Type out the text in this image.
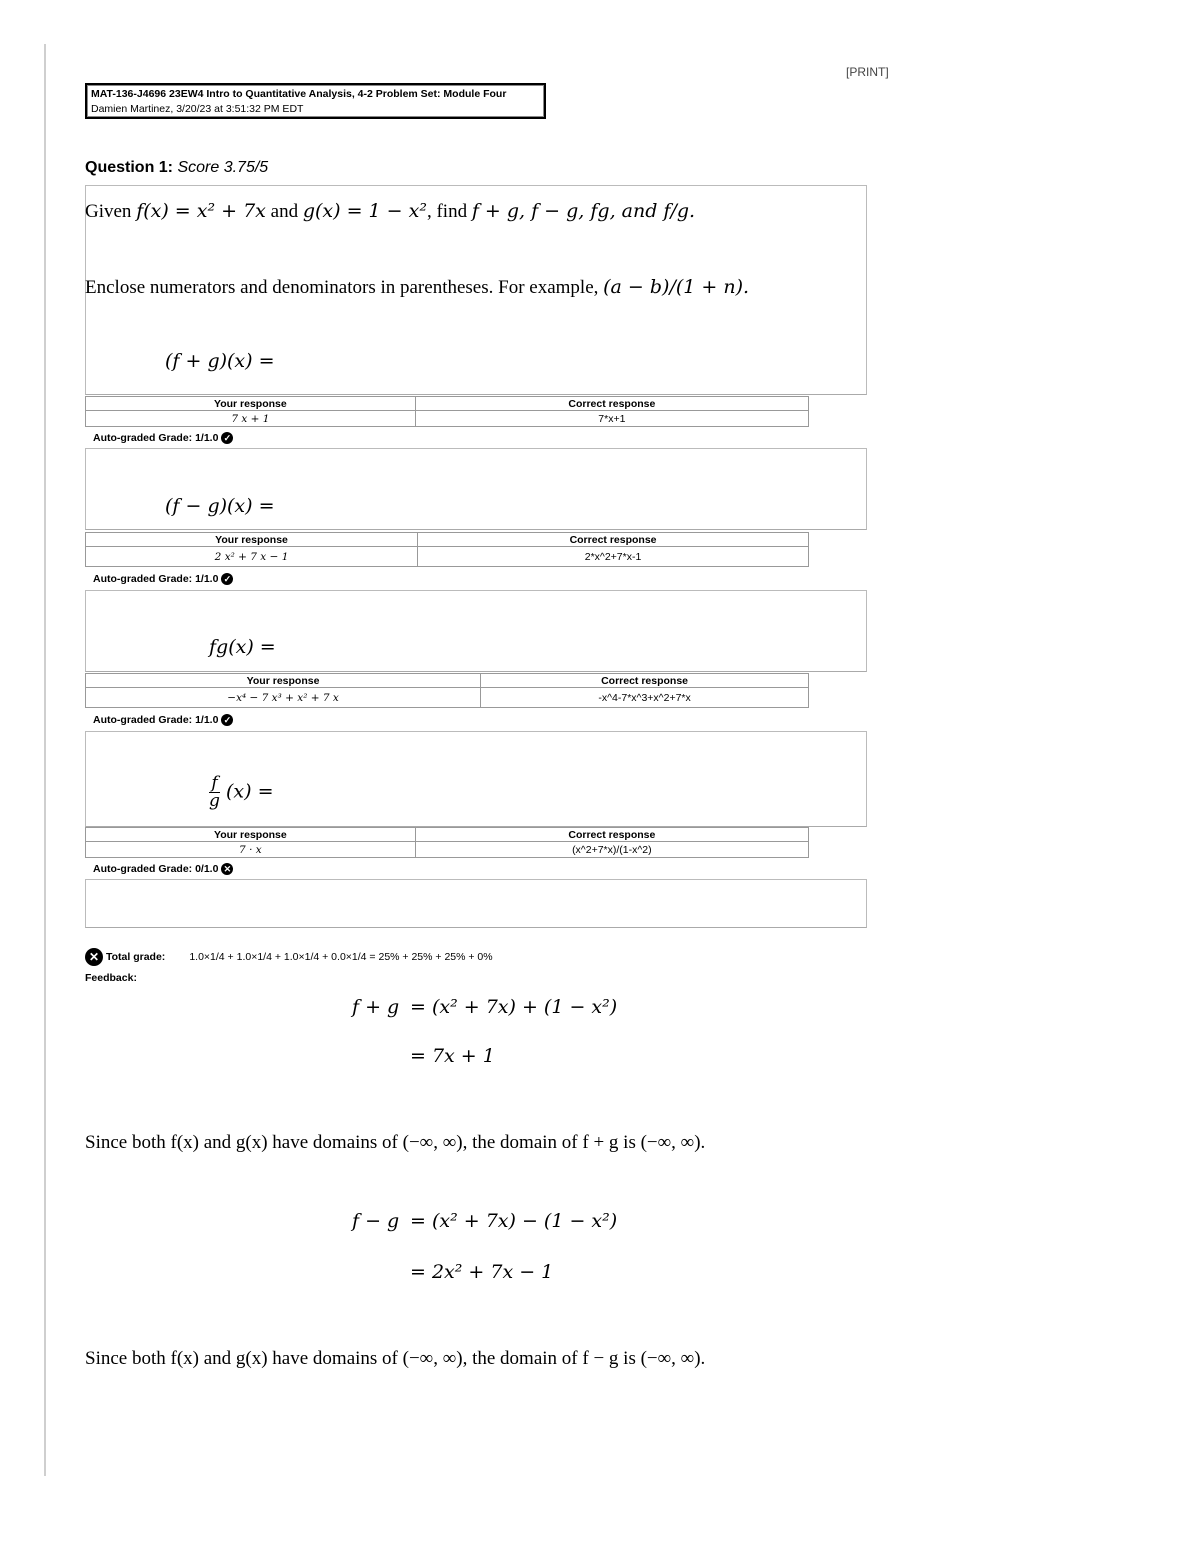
[PRINT]
MAT-136-J4696 23EW4 Intro to Quantitative Analysis, 4-2 Problem Set: Module Four
Damien Martinez, 3/20/23 at 3:51:32 PM EDT
Question 1: Score 3.75/5
Given f(x) = x² + 7x and g(x) = 1 − x², find f + g, f − g, fg, and f/g.
Enclose numerators and denominators in parentheses. For example, (a − b)/(1 + n).
(f + g)(x) =
Your response	Correct response
7 x + 1	7*x+1
Auto-graded Grade: 1/1.0 ✓
(f − g)(x) =
Your response	Correct response
2 x² + 7 x − 1	2*x^2+7*x-1
Auto-graded Grade: 1/1.0 ✓
fg(x) =
Your response	Correct response
−x⁴ − 7 x³ + x² + 7 x	-x^4-7*x^3+x^2+7*x
Auto-graded Grade: 1/1.0 ✓
$\frac{f}{g} (x)$ =
Your response	Correct response
7 · x	(x^2+7*x)/(1-x^2)
Auto-graded Grade: 0/1.0 ✕
✕ Total grade: 1.0×1/4 + 1.0×1/4 + 1.0×1/4 + 0.0×1/4 = 25% + 25% + 25% + 0%
Feedback:
f + g = (x² + 7x) + (1 − x²)
= 7x + 1
Since both f(x) and g(x) have domains of (−∞, ∞), the domain of f + g is (−∞, ∞).
f − g = (x² + 7x) − (1 − x²)
= 2x² + 7x − 1
Since both f(x) and g(x) have domains of (−∞, ∞), the domain of f − g is (−∞, ∞).
